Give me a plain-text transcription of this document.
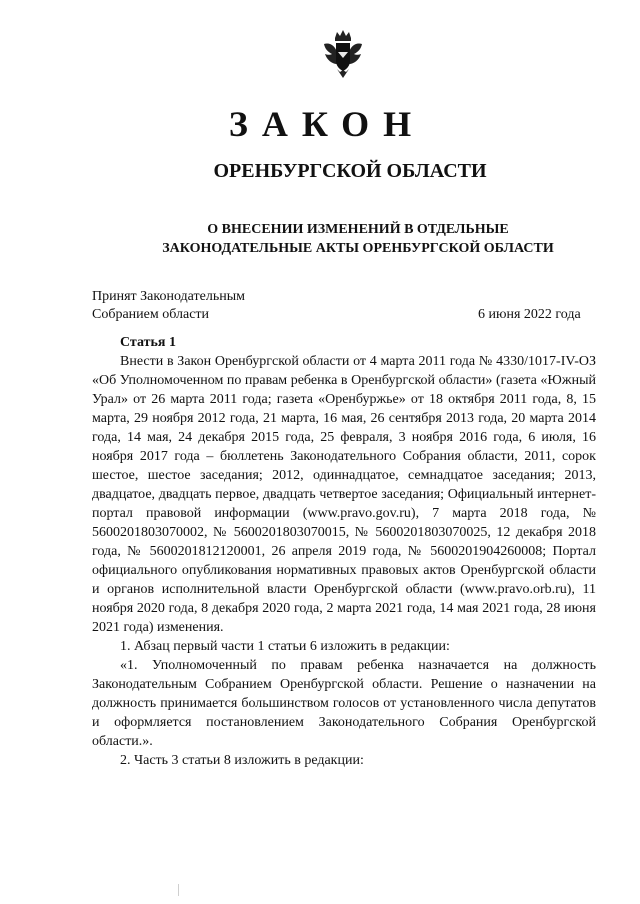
ЗАКОН
ОРЕНБУРГСКОЙ ОБЛАСТИ
О ВНЕСЕНИИ ИЗМЕНЕНИЙ В ОТДЕЛЬНЫЕ
ЗАКОНОДАТЕЛЬНЫЕ АКТЫ ОРЕНБУРГСКОЙ ОБЛАСТИ
Принят Законодательным
Собранием области	6 июня 2022 года
Статья 1

Внести в Закон Оренбургской области от 4 марта 2011 года № 4330/1017-IV-ОЗ «Об Уполномоченном по правам ребенка в Оренбургской области» (газета «Южный Урал» от 26 марта 2011 года; газета «Оренбуржье» от 18 октября 2011 года, 8, 15 марта, 29 ноября 2012 года, 21 марта, 16 мая, 26 сентября 2013 года, 20 марта 2014 года, 14 мая, 24 декабря 2015 года, 25 февраля, 3 ноября 2016 года, 6 июля, 16 ноября 2017 года – бюллетень Законодательного Собрания области, 2011, сорок шестое, шестое заседания; 2012, одиннадцатое, семнадцатое заседания; 2013, двадцатое, двадцать первое, двадцать четвертое заседания; Официальный интернет-портал правовой информации (www.pravo.gov.ru), 7 марта 2018 года, № 5600201803070002, № 5600201803070015, № 5600201803070025, 12 декабря 2018 года, № 5600201812120001, 26 апреля 2019 года, № 5600201904260008; Портал официального опубликования нормативных правовых актов Оренбургской области и органов исполнительной власти Оренбургской области (www.pravo.orb.ru), 11 ноября 2020 года, 8 декабря 2020 года, 2 марта 2021 года, 14 мая 2021 года, 28 июня 2021 года) изменения.

1. Абзац первый части 1 статьи 6 изложить в редакции:

«1. Уполномоченный по правам ребенка назначается на должность Законодательным Собранием Оренбургской области. Решение о назначении на должность принимается большинством голосов от установленного числа депутатов и оформляется постановлением Законодательного Собрания Оренбургской области.».

2. Часть 3 статьи 8 изложить в редакции:
